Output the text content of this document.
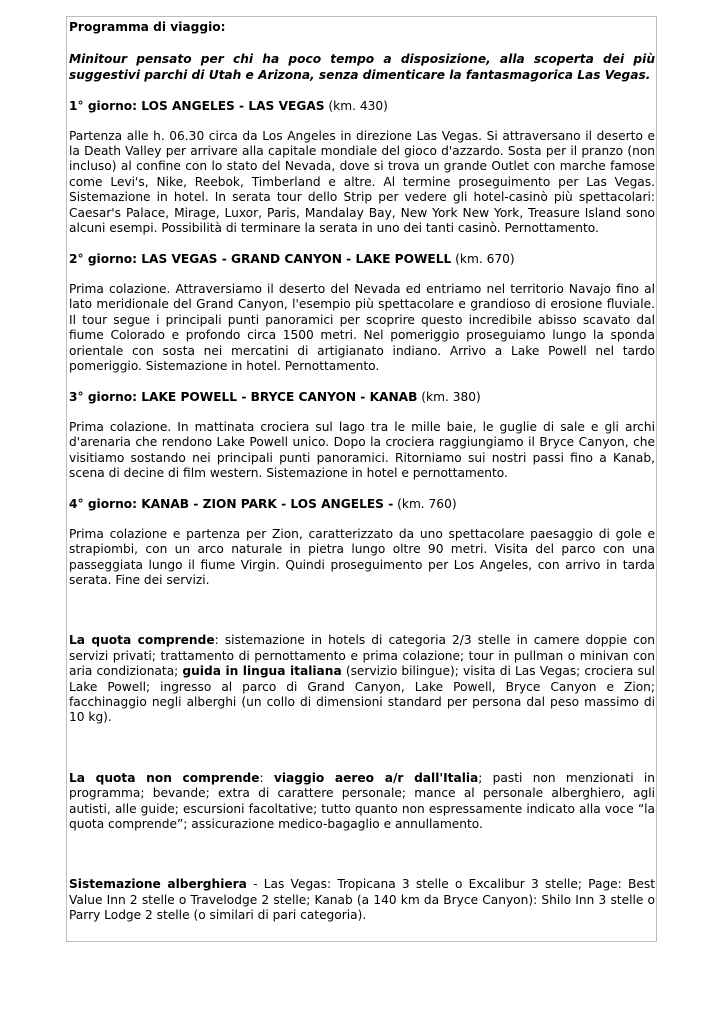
Programma di viaggio:

Minitour pensato per chi ha poco tempo a disposizione, alla scoperta dei più suggestivi parchi di Utah e Arizona, senza dimenticare la fantasmagorica Las Vegas.

1° giorno: LOS ANGELES - LAS VEGAS (km. 430)

Partenza alle h. 06.30 circa da Los Angeles in direzione Las Vegas. Si attraversano il deserto e la Death Valley per arrivare alla capitale mondiale del gioco d'azzardo. Sosta per il pranzo (non incluso) al confine con lo stato del Nevada, dove si trova un grande Outlet con marche famose come Levi's, Nike, Reebok, Timberland e altre. Al termine proseguimento per Las Vegas. Sistemazione in hotel. In serata tour dello Strip per vedere gli hotel-casinò più spettacolari: Caesar's Palace, Mirage, Luxor, Paris, Mandalay Bay, New York New York, Treasure Island sono alcuni esempi. Possibilità di terminare la serata in uno dei tanti casinò. Pernottamento.

2° giorno: LAS VEGAS - GRAND CANYON - LAKE POWELL (km. 670)

Prima colazione. Attraversiamo il deserto del Nevada ed entriamo nel territorio Navajo fino al lato meridionale del Grand Canyon, l'esempio più spettacolare e grandioso di erosione fluviale. Il tour segue i principali punti panoramici per scoprire questo incredibile abisso scavato dal fiume Colorado e profondo circa 1500 metri. Nel pomeriggio proseguiamo lungo la sponda orientale con sosta nei mercatini di artigianato indiano. Arrivo a Lake Powell nel tardo pomeriggio. Sistemazione in hotel. Pernottamento.

3° giorno: LAKE POWELL - BRYCE CANYON - KANAB (km. 380)

Prima colazione. In mattinata crociera sul lago tra le mille baie, le guglie di sale e gli archi d'arenaria che rendono Lake Powell unico. Dopo la crociera raggiungiamo il Bryce Canyon, che visitiamo sostando nei principali punti panoramici. Ritorniamo sui nostri passi fino a Kanab, scena di decine di film western. Sistemazione in hotel e pernottamento.

4° giorno: KANAB - ZION PARK - LOS ANGELES - (km. 760)

Prima colazione e partenza per Zion, caratterizzato da uno spettacolare paesaggio di gole e strapiombi, con un arco naturale in pietra lungo oltre 90 metri. Visita del parco con una passeggiata lungo il fiume Virgin. Quindi proseguimento per Los Angeles, con arrivo in tarda serata. Fine dei servizi.

La quota comprende: sistemazione in hotels di categoria 2/3 stelle in camere doppie con servizi privati; trattamento di pernottamento e prima colazione; tour in pullman o minivan con aria condizionata; guida in lingua italiana (servizio bilingue); visita di Las Vegas; crociera sul Lake Powell; ingresso al parco di Grand Canyon, Lake Powell, Bryce Canyon e Zion; facchinaggio negli alberghi (un collo di dimensioni standard per persona dal peso massimo di 10 kg).

La quota non comprende: viaggio aereo a/r dall'Italia; pasti non menzionati in programma; bevande; extra di carattere personale; mance al personale alberghiero, agli autisti, alle guide; escursioni facoltative; tutto quanto non espressamente indicato alla voce “la quota comprende”; assicurazione medico-bagaglio e annullamento.

Sistemazione alberghiera - Las Vegas: Tropicana 3 stelle o Excalibur 3 stelle; Page: Best Value Inn 2 stelle o Travelodge 2 stelle; Kanab (a 140 km da Bryce Canyon): Shilo Inn 3 stelle o Parry Lodge 2 stelle (o similari di pari categoria).
